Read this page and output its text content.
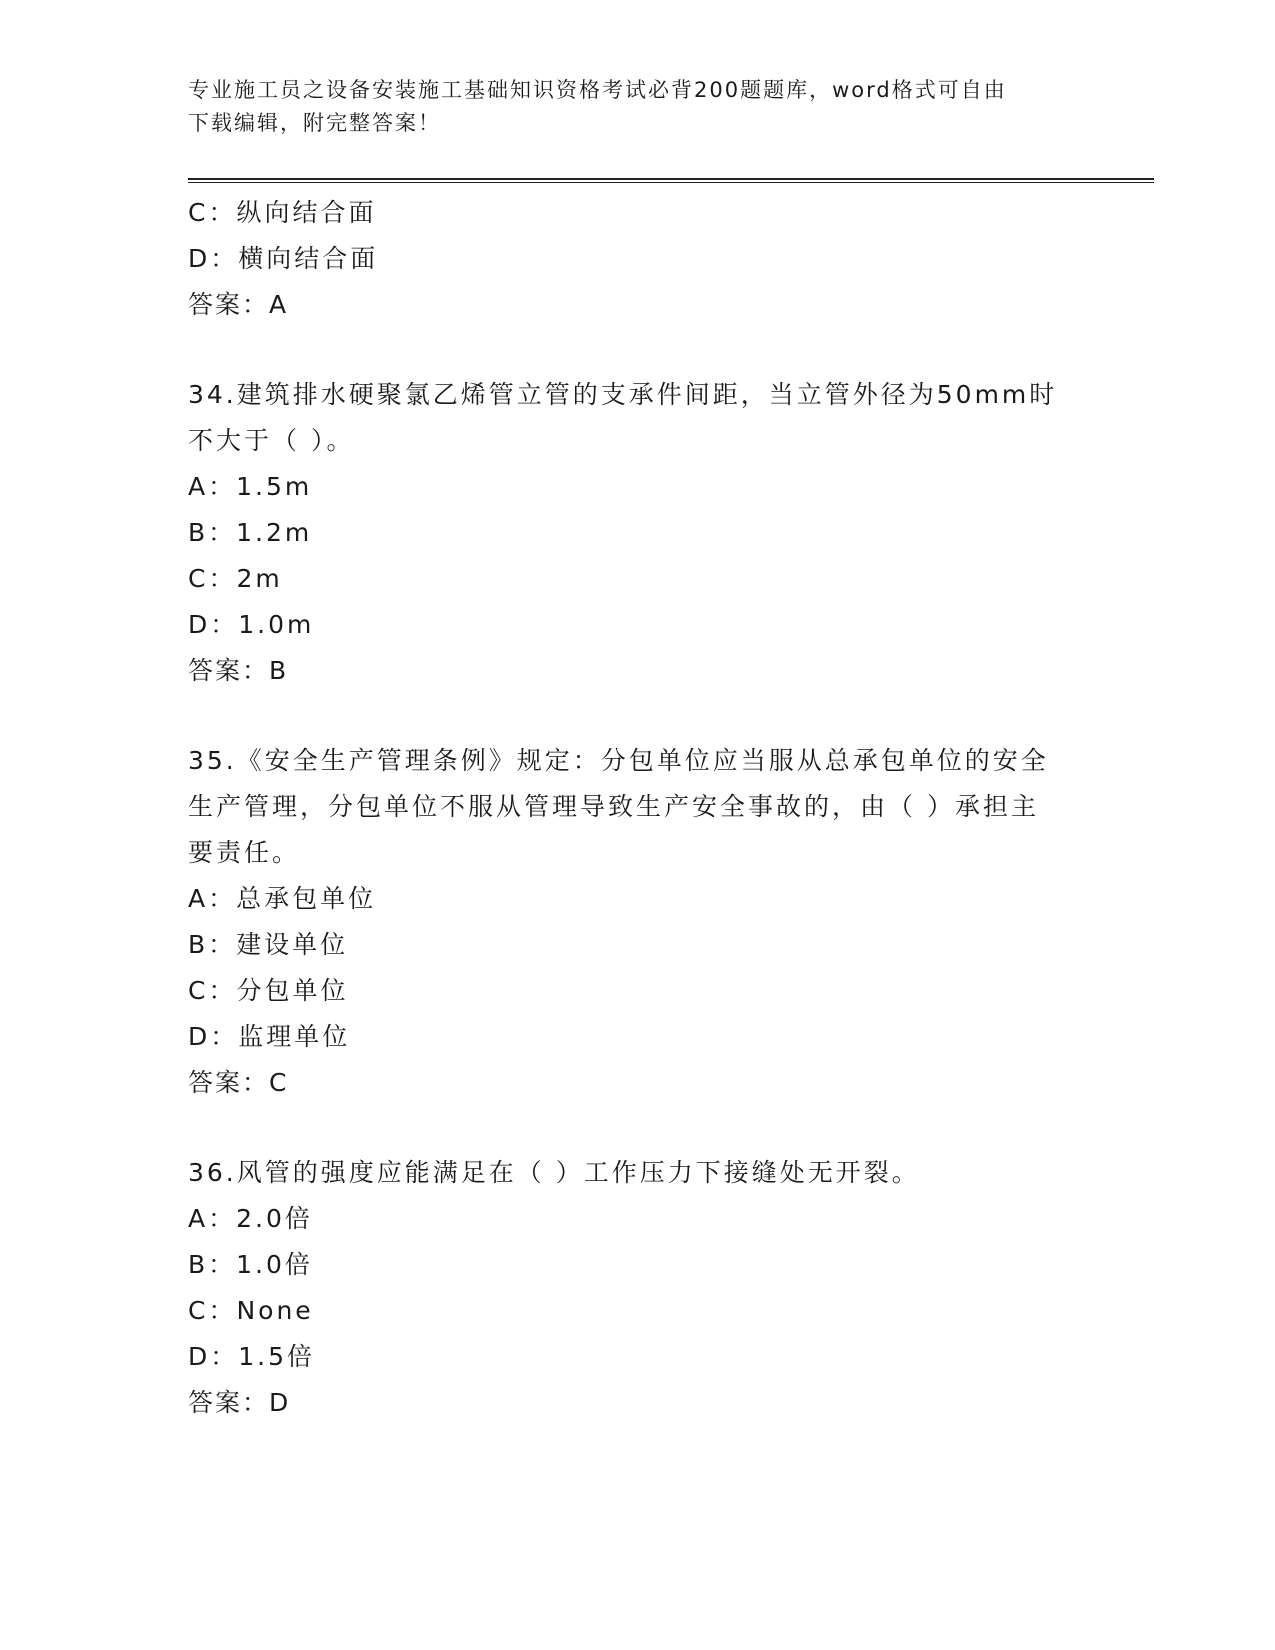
专业施工员之设备安装施工基础知识资格考试必背200题题库，word格式可自由
下载编辑，附完整答案！
C：纵向结合面
D：横向结合面
答案：A
34.建筑排水硬聚氯乙烯管立管的支承件间距，当立管外径为50mm时
不大于（ ）。
A：1.5m
B：1.2m
C：2m
D：1.0m
答案：B
35.《安全生产管理条例》规定：分包单位应当服从总承包单位的安全
生产管理，分包单位不服从管理导致生产安全事故的，由（ ）承担主
要责任。
A：总承包单位
B：建设单位
C：分包单位
D：监理单位
答案：C
36.风管的强度应能满足在（ ）工作压力下接缝处无开裂。
A：2.0倍
B：1.0倍
C：None
D：1.5倍
答案：D
